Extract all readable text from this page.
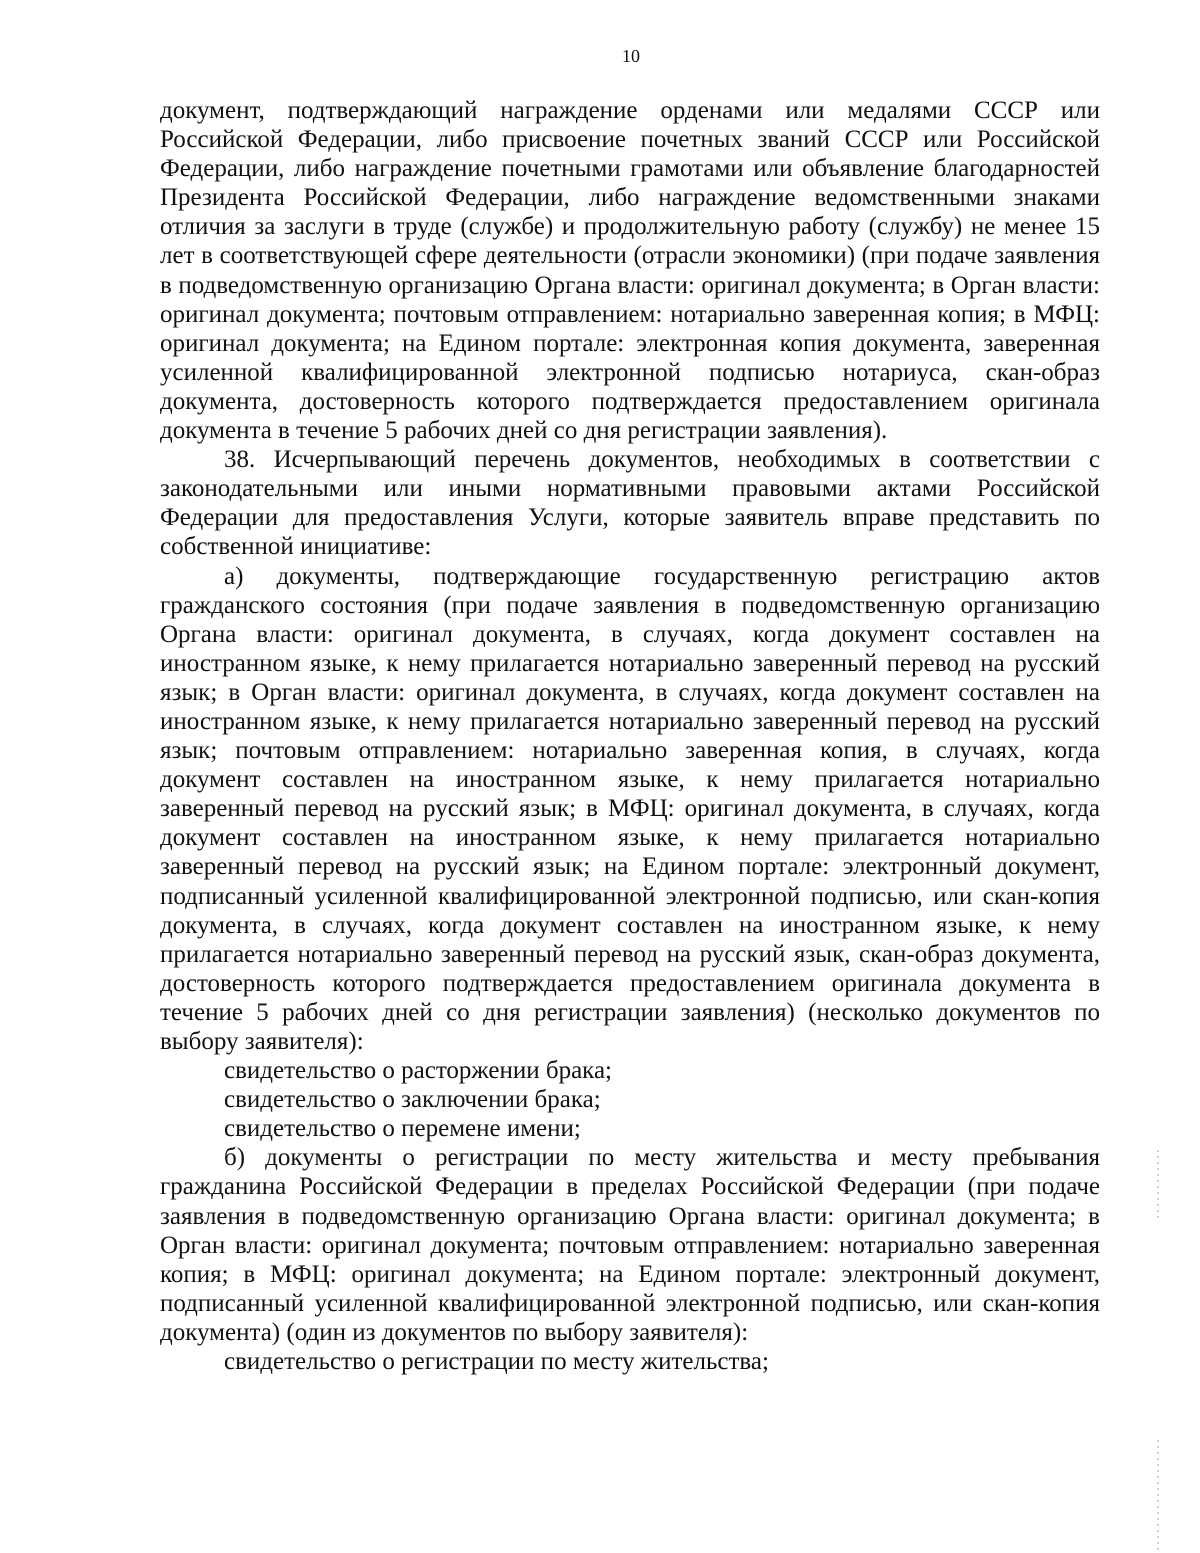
10

документ, подтверждающий награждение орденами или медалями СССР или Российской Федерации, либо присвоение почетных званий СССР или Российской Федерации, либо награждение почетными грамотами или объявление благодарностей Президента Российской Федерации, либо награждение ведомственными знаками отличия за заслуги в труде (службе) и продолжительную работу (службу) не менее 15 лет в соответствующей сфере деятельности (отрасли экономики) (при подаче заявления в подведомственную организацию Органа власти: оригинал документа; в Орган власти: оригинал документа; почтовым отправлением: нотариально заверенная копия; в МФЦ: оригинал документа; на Едином портале: электронная копия документа, заверенная усиленной квалифицированной электронной подписью нотариуса, скан-образ документа, достоверность которого подтверждается предоставлением оригинала документа в течение 5 рабочих дней со дня регистрации заявления).

38. Исчерпывающий перечень документов, необходимых в соответствии с законодательными или иными нормативными правовыми актами Российской Федерации для предоставления Услуги, которые заявитель вправе представить по собственной инициативе:

а) документы, подтверждающие государственную регистрацию актов гражданского состояния (при подаче заявления в подведомственную организацию Органа власти: оригинал документа, в случаях, когда документ составлен на иностранном языке, к нему прилагается нотариально заверенный перевод на русский язык; в Орган власти: оригинал документа, в случаях, когда документ составлен на иностранном языке, к нему прилагается нотариально заверенный перевод на русский язык; почтовым отправлением: нотариально заверенная копия, в случаях, когда документ составлен на иностранном языке, к нему прилагается нотариально заверенный перевод на русский язык; в МФЦ: оригинал документа, в случаях, когда документ составлен на иностранном языке, к нему прилагается нотариально заверенный перевод на русский язык; на Едином портале: электронный документ, подписанный усиленной квалифицированной электронной подписью, или скан-копия документа, в случаях, когда документ составлен на иностранном языке, к нему прилагается нотариально заверенный перевод на русский язык, скан-образ документа, достоверность которого подтверждается предоставлением оригинала документа в течение 5 рабочих дней со дня регистрации заявления) (несколько документов по выбору заявителя):

свидетельство о расторжении брака;

свидетельство о заключении брака;

свидетельство о перемене имени;

б) документы о регистрации по месту жительства и месту пребывания гражданина Российской Федерации в пределах Российской Федерации (при подаче заявления в подведомственную организацию Органа власти: оригинал документа; в Орган власти: оригинал документа; почтовым отправлением: нотариально заверенная копия; в МФЦ: оригинал документа; на Едином портале: электронный документ, подписанный усиленной квалифицированной электронной подписью, или скан-копия документа) (один из документов по выбору заявителя):

свидетельство о регистрации по месту жительства;
